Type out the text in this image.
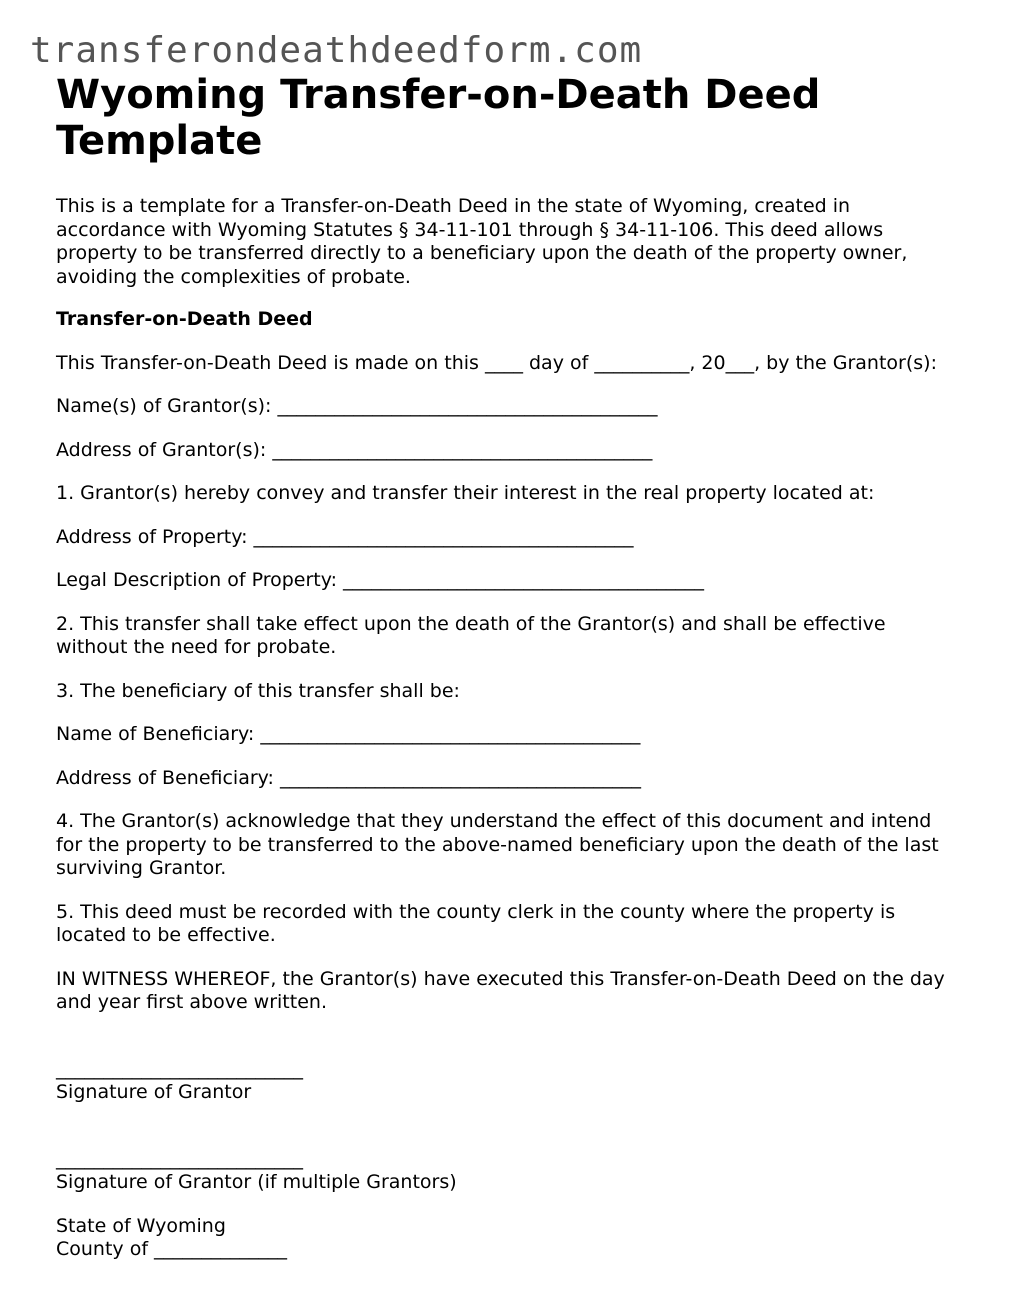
transferondeathdeedform.com
Wyoming Transfer-on-Death Deed
Template

This is a template for a Transfer-on-Death Deed in the state of Wyoming, created in accordance with Wyoming Statutes § 34-11-101 through § 34-11-106. This deed allows property to be transferred directly to a beneficiary upon the death of the property owner, avoiding the complexities of probate.

Transfer-on-Death Deed

This Transfer-on-Death Deed is made on this ____ day of __________, 20___, by the Grantor(s):

Name(s) of Grantor(s): ________________________________________

Address of Grantor(s): ________________________________________

1. Grantor(s) hereby convey and transfer their interest in the real property located at:

Address of Property: ________________________________________

Legal Description of Property: ______________________________________

2. This transfer shall take effect upon the death of the Grantor(s) and shall be effective without the need for probate.

3. The beneficiary of this transfer shall be:

Name of Beneficiary: ________________________________________

Address of Beneficiary: ______________________________________

4. The Grantor(s) acknowledge that they understand the effect of this document and intend for the property to be transferred to the above-named beneficiary upon the death of the last surviving Grantor.

5. This deed must be recorded with the county clerk in the county where the property is located to be effective.

IN WITNESS WHEREOF, the Grantor(s) have executed this Transfer-on-Death Deed on the day and year first above written.

__________________________
Signature of Grantor

__________________________
Signature of Grantor (if multiple Grantors)

State of Wyoming
County of ______________
